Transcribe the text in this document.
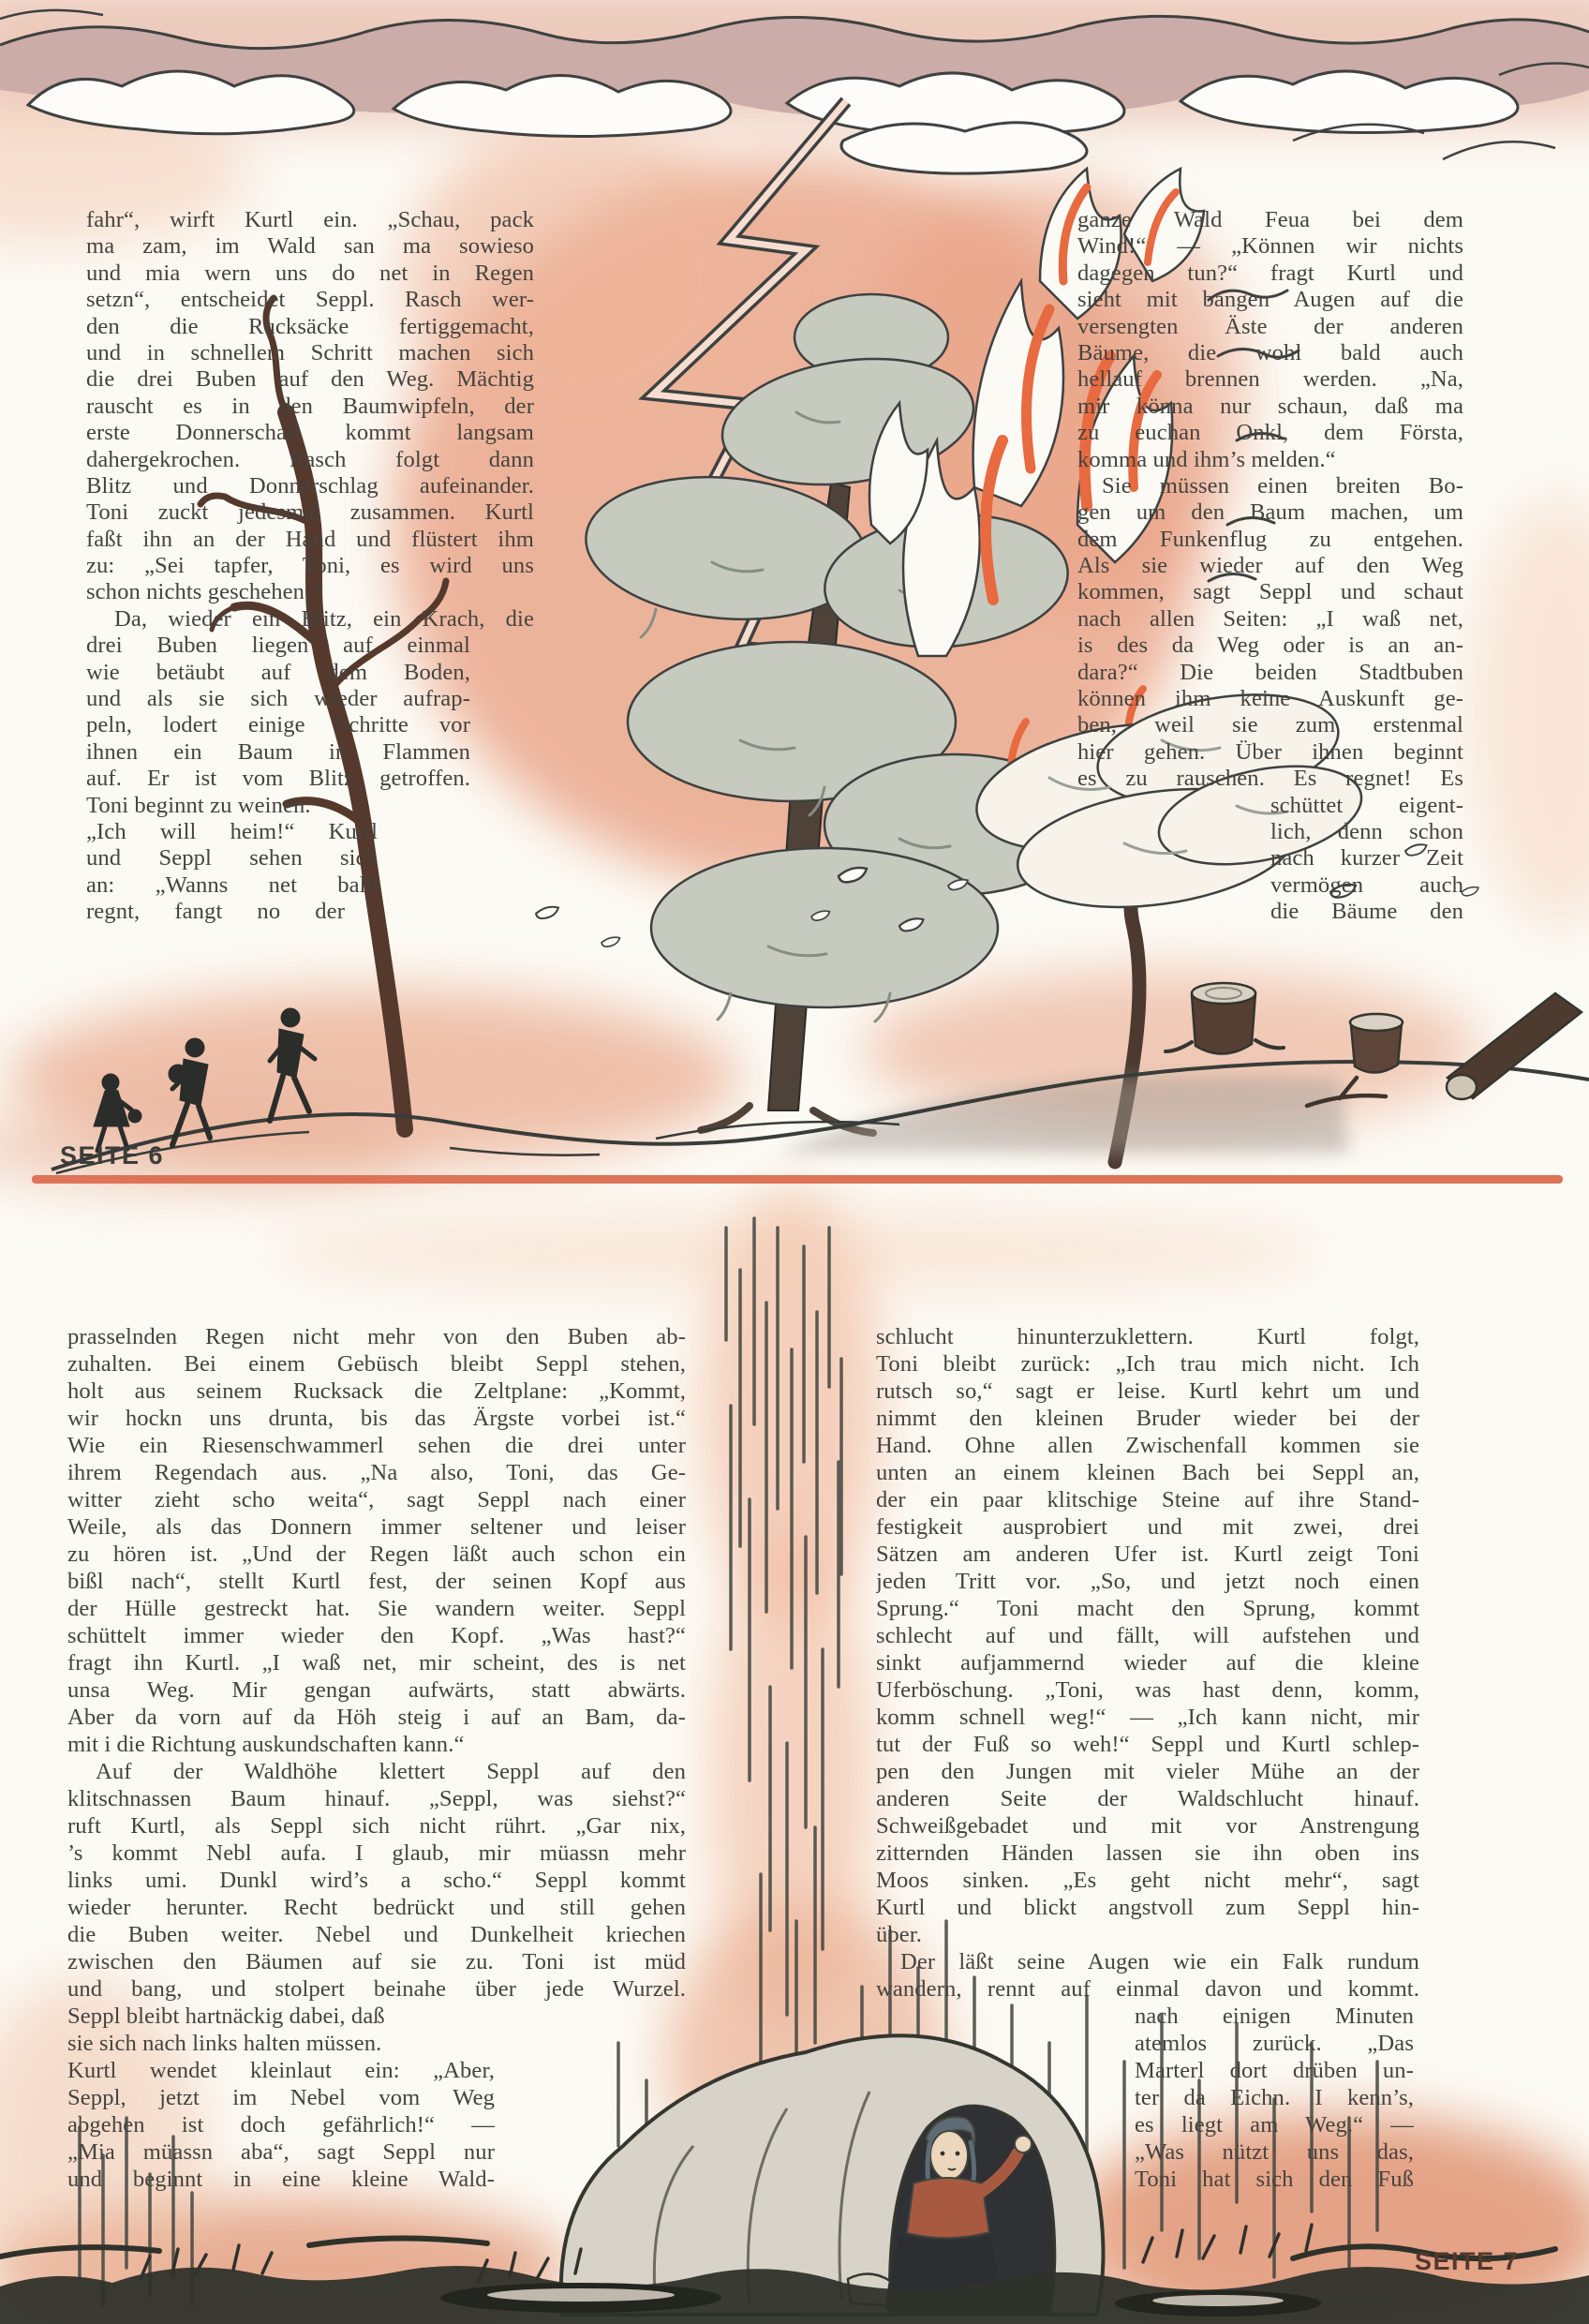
fahr“, wirft Kurtl ein. „Schau, pack
ma zam, im Wald san ma sowieso
und mia wern uns do net in Regen
setzn“, entscheidet Seppl. Rasch wer-
den die Rucksäcke fertiggemacht,
und in schnellem Schritt machen sich
die drei Buben auf den Weg. Mächtig
rauscht es in den Baumwipfeln, der
erste Donnerschall kommt langsam
dahergekrochen. Rasch folgt dann
Blitz und Donnerschlag aufeinander.
Toni zuckt jedesmal zusammen. Kurtl
faßt ihn an der Hand und flüstert ihm
zu: „Sei tapfer, Toni, es wird uns
schon nichts geschehen.“
Da, wieder ein Blitz, ein Krach, die
drei Buben liegen auf einmal
wie betäubt auf dem Boden,
und als sie sich wieder aufrap-
peln, lodert einige Schritte vor
ihnen ein Baum in Flammen
auf. Er ist vom Blitz getroffen.
Toni beginnt zu weinen.
„Ich will heim!“ Kurtl
und Seppl sehen sich
an: „Wanns net bald
regnt, fangt no der
ganze Wald Feua bei dem
Wind!“ — „Können wir nichts
dagegen tun?“ fragt Kurtl und
sieht mit bangen Augen auf die
versengten Äste der anderen
Bäume, die wohl bald auch
hellauf brennen werden. „Na,
mir könna nur schaun, daß ma
zu euchan Onkl, dem Första,
komma und ihm’s melden.“
Sie müssen einen breiten Bo-
gen um den Baum machen, um
dem Funkenflug zu entgehen.
Als sie wieder auf den Weg
kommen, sagt Seppl und schaut
nach allen Seiten: „I waß net,
is des da Weg oder is an an-
dara?“ Die beiden Stadtbuben
können ihm keine Auskunft ge-
ben, weil sie zum erstenmal
hier gehen. Über ihnen beginnt
es zu rauschen. Es regnet! Es
schüttet eigent-
lich, denn schon
nach kurzer Zeit
vermögen auch
die Bäume den
prasselnden Regen nicht mehr von den Buben ab-
zuhalten. Bei einem Gebüsch bleibt Seppl stehen,
holt aus seinem Rucksack die Zeltplane: „Kommt,
wir hockn uns drunta, bis das Ärgste vorbei ist.“
Wie ein Riesenschwammerl sehen die drei unter
ihrem Regendach aus. „Na also, Toni, das Ge-
witter zieht scho weita“, sagt Seppl nach einer
Weile, als das Donnern immer seltener und leiser
zu hören ist. „Und der Regen läßt auch schon ein
bißl nach“, stellt Kurtl fest, der seinen Kopf aus
der Hülle gestreckt hat. Sie wandern weiter. Seppl
schüttelt immer wieder den Kopf. „Was hast?“
fragt ihn Kurtl. „I waß net, mir scheint, des is net
unsa Weg. Mir gengan aufwärts, statt abwärts.
Aber da vorn auf da Höh steig i auf an Bam, da-
mit i die Richtung auskundschaften kann.“
Auf der Waldhöhe klettert Seppl auf den
klitschnassen Baum hinauf. „Seppl, was siehst?“
ruft Kurtl, als Seppl sich nicht rührt. „Gar nix,
’s kommt Nebl aufa. I glaub, mir müassn mehr
links umi. Dunkl wird’s a scho.“ Seppl kommt
wieder herunter. Recht bedrückt und still gehen
die Buben weiter. Nebel und Dunkelheit kriechen
zwischen den Bäumen auf sie zu. Toni ist müd
und bang, und stolpert beinahe über jede Wurzel.
Seppl bleibt hartnäckig dabei, daß
sie sich nach links halten müssen.
Kurtl wendet kleinlaut ein: „Aber,
Seppl, jetzt im Nebel vom Weg
abgehen ist doch gefährlich!“ —
„Mia müassn aba“, sagt Seppl nur
und beginnt in eine kleine Wald-
schlucht hinunterzuklettern. Kurtl folgt,
Toni bleibt zurück: „Ich trau mich nicht. Ich
rutsch so,“ sagt er leise. Kurtl kehrt um und
nimmt den kleinen Bruder wieder bei der
Hand. Ohne allen Zwischenfall kommen sie
unten an einem kleinen Bach bei Seppl an,
der ein paar klitschige Steine auf ihre Stand-
festigkeit ausprobiert und mit zwei, drei
Sätzen am anderen Ufer ist. Kurtl zeigt Toni
jeden Tritt vor. „So, und jetzt noch einen
Sprung.“ Toni macht den Sprung, kommt
schlecht auf und fällt, will aufstehen und
sinkt aufjammernd wieder auf die kleine
Uferböschung. „Toni, was hast denn, komm,
komm schnell weg!“ — „Ich kann nicht, mir
tut der Fuß so weh!“ Seppl und Kurtl schlep-
pen den Jungen mit vieler Mühe an der
anderen Seite der Waldschlucht hinauf.
Schweißgebadet und mit vor Anstrengung
zitternden Händen lassen sie ihn oben ins
Moos sinken. „Es geht nicht mehr“, sagt
Kurtl und blickt angstvoll zum Seppl hin-
über.
Der läßt seine Augen wie ein Falk rundum
wandern, rennt auf einmal davon und kommt.
nach einigen Minuten
atemlos zurück. „Das
Marterl dort drüben un-
ter da Eichn. I kenn’s,
es liegt am Weg.“ —
„Was nützt uns das,
Toni hat sich den Fuß
SEITE 6
SEITE 7
